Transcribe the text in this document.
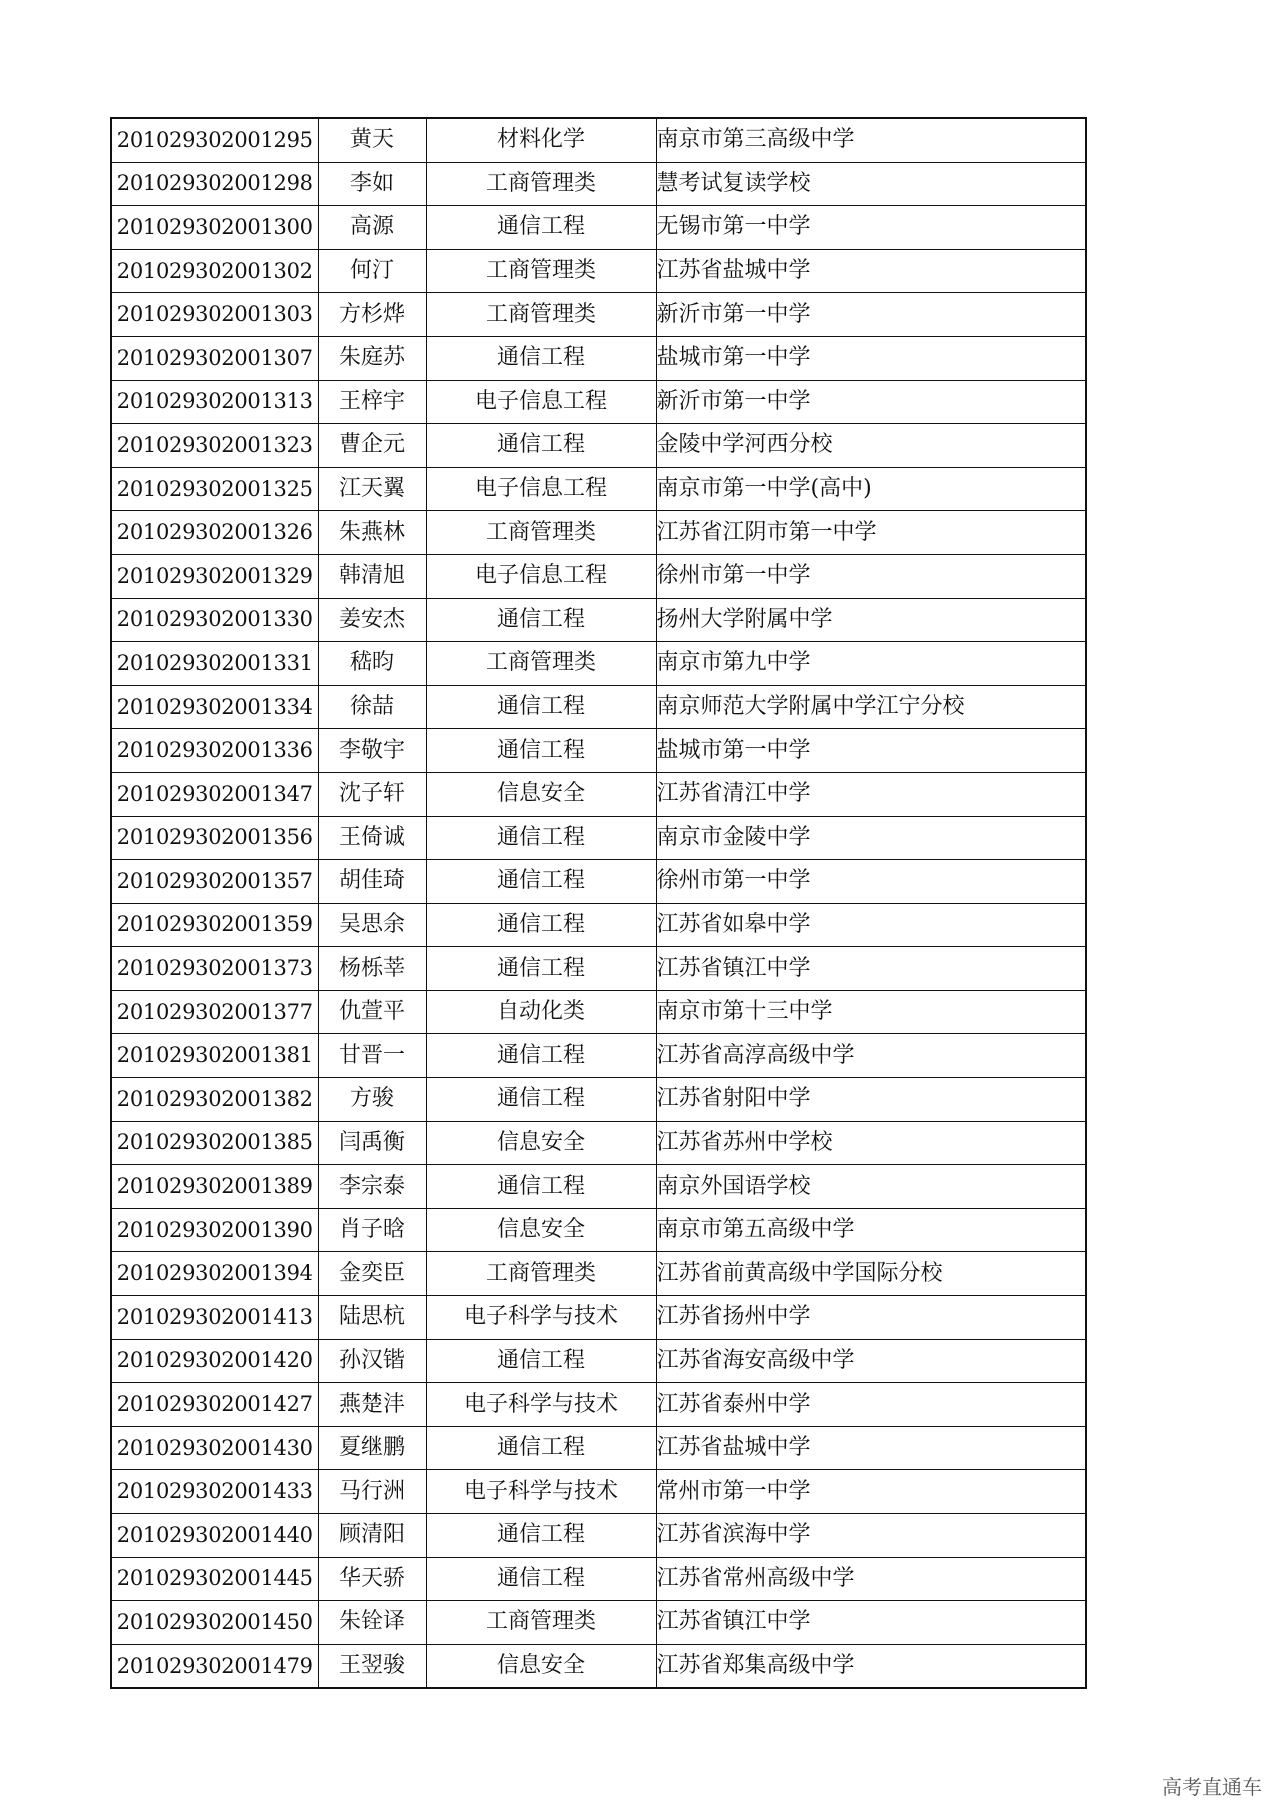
201029302001295	黄天	材料化学	南京市第三高级中学
201029302001298	李如	工商管理类	慧考试复读学校
201029302001300	高源	通信工程	无锡市第一中学
201029302001302	何汀	工商管理类	江苏省盐城中学
201029302001303	方杉烨	工商管理类	新沂市第一中学
201029302001307	朱庭苏	通信工程	盐城市第一中学
201029302001313	王梓宇	电子信息工程	新沂市第一中学
201029302001323	曹企元	通信工程	金陵中学河西分校
201029302001325	江天翼	电子信息工程	南京市第一中学(高中)
201029302001326	朱燕林	工商管理类	江苏省江阴市第一中学
201029302001329	韩清旭	电子信息工程	徐州市第一中学
201029302001330	姜安杰	通信工程	扬州大学附属中学
201029302001331	嵇昀	工商管理类	南京市第九中学
201029302001334	徐喆	通信工程	南京师范大学附属中学江宁分校
201029302001336	李敬宇	通信工程	盐城市第一中学
201029302001347	沈子轩	信息安全	江苏省清江中学
201029302001356	王倚诚	通信工程	南京市金陵中学
201029302001357	胡佳琦	通信工程	徐州市第一中学
201029302001359	吴思余	通信工程	江苏省如皋中学
201029302001373	杨栎莘	通信工程	江苏省镇江中学
201029302001377	仇萱平	自动化类	南京市第十三中学
201029302001381	甘晋一	通信工程	江苏省高淳高级中学
201029302001382	方骏	通信工程	江苏省射阳中学
201029302001385	闫禹衡	信息安全	江苏省苏州中学校
201029302001389	李宗泰	通信工程	南京外国语学校
201029302001390	肖子晗	信息安全	南京市第五高级中学
201029302001394	金奕臣	工商管理类	江苏省前黄高级中学国际分校
201029302001413	陆思杭	电子科学与技术	江苏省扬州中学
201029302001420	孙汉锴	通信工程	江苏省海安高级中学
201029302001427	燕楚沣	电子科学与技术	江苏省泰州中学
201029302001430	夏继鹏	通信工程	江苏省盐城中学
201029302001433	马行洲	电子科学与技术	常州市第一中学
201029302001440	顾清阳	通信工程	江苏省滨海中学
201029302001445	华天骄	通信工程	江苏省常州高级中学
201029302001450	朱铨译	工商管理类	江苏省镇江中学
201029302001479	王翌骏	信息安全	江苏省郑集高级中学
高考直通车
